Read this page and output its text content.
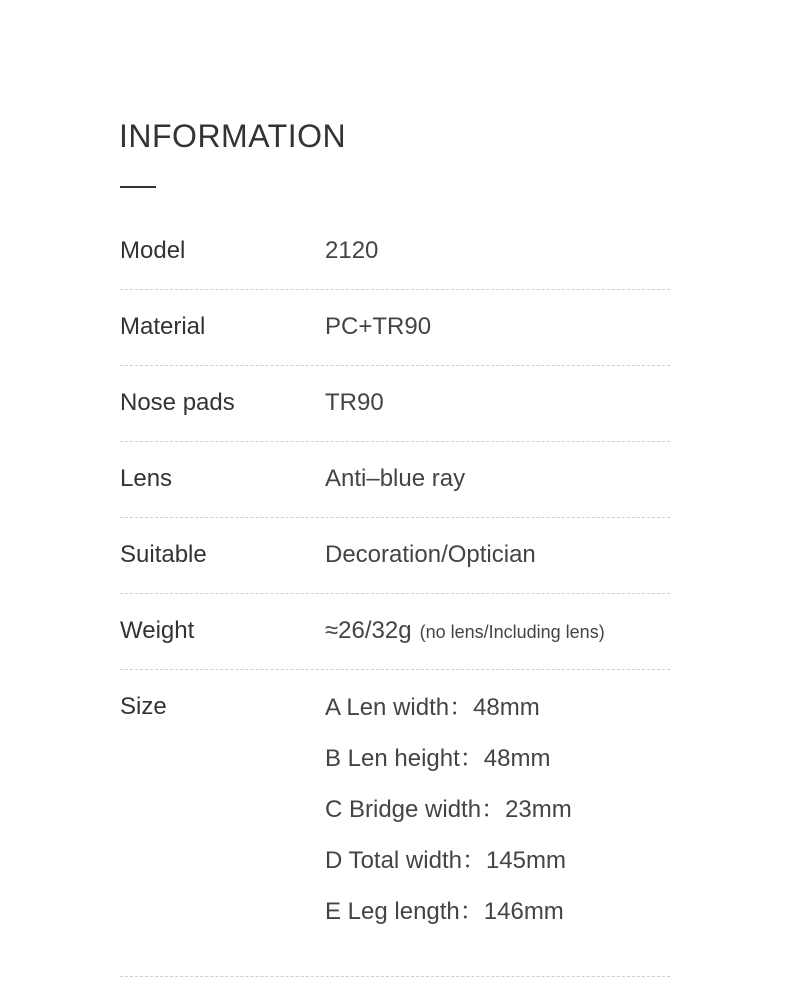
INFORMATION
Model	2120
Material	PC+TR90
Nose pads	TR90
Lens	Anti–blue ray
Suitable	Decoration/Optician
Weight	≈26/32g (no lens/Including lens)
Size	A Len width：48mm
B Len height：48mm
C Bridge width：23mm
D Total width：145mm
E Leg length：146mm
